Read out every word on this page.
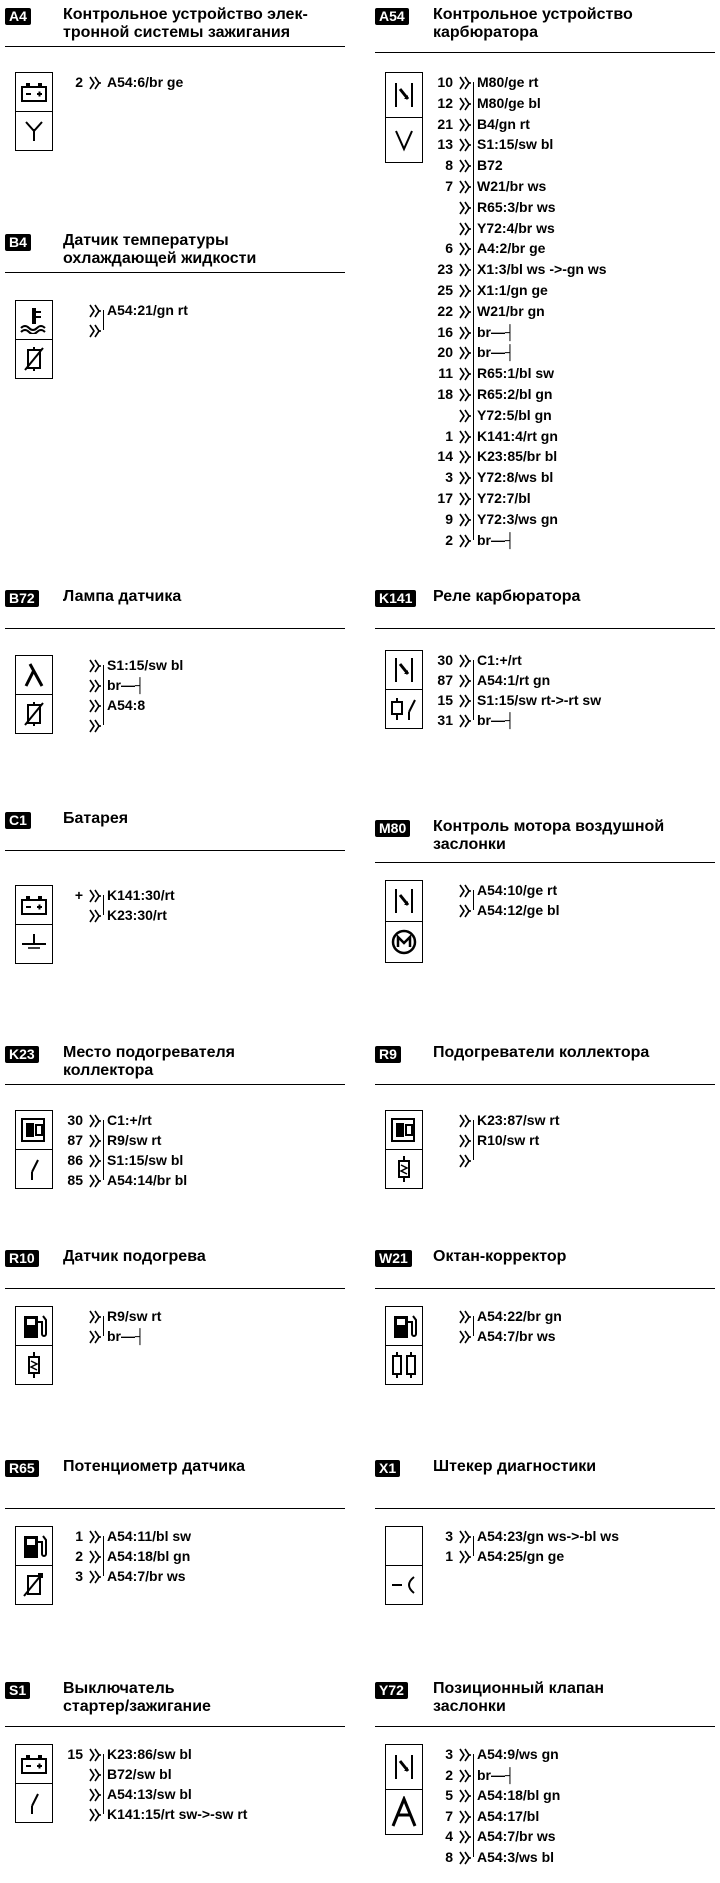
A4 Контрольное устройство элек-
тронной системы зажигания
2 A54:6/br ge
B4 Датчик температуры
охлаждающей жидкости
A54:21/gn rt
B72 Лампа датчика
S1:15/sw bl
br—┤
A54:8
C1 Батарея
+ K141:30/rt
K23:30/rt
K23 Место подогревателя
коллектора
30 C1:+/rt
87 R9/sw rt
86 S1:15/sw bl
85 A54:14/br bl
R10 Датчик подогрева
R9/sw rt
br—┤
R65 Потенциометр датчика
1 A54:11/bl sw
2 A54:18/bl gn
3 A54:7/br ws
S1 Выключатель
стартер/зажигание
15 K23:86/sw bl
B72/sw bl
A54:13/sw bl
K141:15/rt sw->-sw rt
A54 Контрольное устройство
карбюратора
10 M80/ge rt
12 M80/ge bl
21 B4/gn rt
13 S1:15/sw bl
8 B72
7 W21/br ws
R65:3/br ws
Y72:4/br ws
6 A4:2/br ge
23 X1:3/bl ws ->-gn ws
25 X1:1/gn ge
22 W21/br gn
16 br—┤
20 br—┤
11 R65:1/bl sw
18 R65:2/bl gn
Y72:5/bl gn
1 K141:4/rt gn
14 K23:85/br bl
3 Y72:8/ws bl
17 Y72:7/bl
9 Y72:3/ws gn
2 br—┤
K141 Реле карбюратора
30 C1:+/rt
87 A54:1/rt gn
15 S1:15/sw rt->-rt sw
31 br—┤
M80 Контроль мотора воздушной
заслонки
A54:10/ge rt
A54:12/ge bl
R9 Подогреватели коллектора
K23:87/sw rt
R10/sw rt
W21 Октан-корректор
A54:22/br gn
A54:7/br ws
X1 Штекер диагностики
3 A54:23/gn ws->-bl ws
1 A54:25/gn ge
Y72 Позиционный клапан
заслонки
3 A54:9/ws gn
2 br—┤
5 A54:18/bl gn
7 A54:17/bl
4 A54:7/br ws
8 A54:3/ws bl
